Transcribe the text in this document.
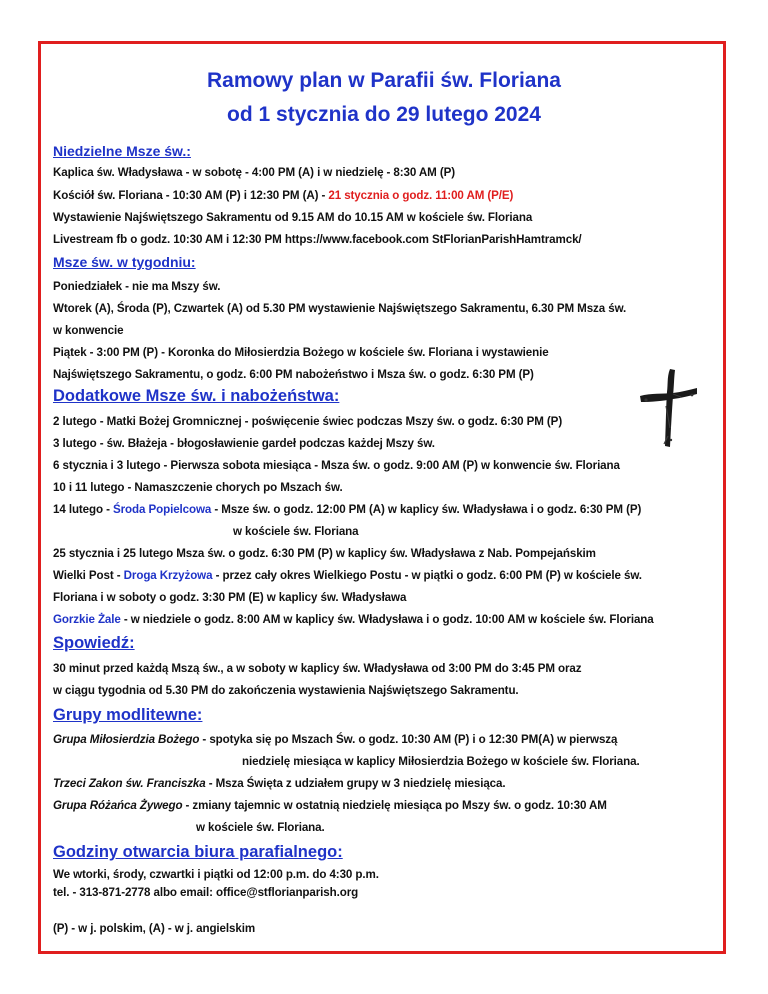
Ramowy plan w Parafii św. Floriana
od 1 stycznia do 29 lutego 2024
Niedzielne Msze św.:
Kaplica św. Władysława - w sobotę - 4:00 PM (A) i w niedzielę - 8:30 AM (P)
Kościół św. Floriana - 10:30 AM (P) i 12:30 PM (A) - 21 stycznia o godz. 11:00 AM (P/E)
Wystawienie Najświętszego Sakramentu od 9.15 AM do 10.15 AM w kościele św. Floriana
Livestream fb o godz. 10:30 AM i 12:30 PM https://www.facebook.com StFlorianParishHamtramck/
Msze św. w tygodniu:
Poniedziałek - nie ma Mszy św.
Wtorek (A), Środa (P), Czwartek (A) od 5.30 PM wystawienie Najświętszego Sakramentu, 6.30 PM Msza św.
w konwencie
Piątek - 3:00 PM (P) - Koronka do Miłosierdzia Bożego w kościele św. Floriana i wystawienie
Najświętszego Sakramentu, o godz. 6:00 PM nabożeństwo i Msza św. o godz. 6:30 PM (P)
Dodatkowe Msze św. i nabożeństwa:
2 lutego - Matki Bożej Gromnicznej - poświęcenie świec podczas Mszy św. o godz. 6:30 PM (P)
3 lutego - św. Błażeja - błogosławienie gardeł podczas każdej Mszy św.
6 stycznia i 3 lutego - Pierwsza sobota miesiąca - Msza św. o godz. 9:00 AM (P) w konwencie św. Floriana
10 i 11 lutego - Namaszczenie chorych po Mszach św.
14 lutego - Środa Popielcowa - Msze św. o godz. 12:00 PM (A) w kaplicy św. Władysława i o godz. 6:30 PM (P)
w kościele św. Floriana
25 stycznia i 25 lutego Msza św. o godz. 6:30 PM (P) w kaplicy św. Władysława z Nab. Pompejańskim
Wielki Post - Droga Krzyżowa - przez cały okres Wielkiego Postu - w piątki o godz. 6:00 PM (P) w kościele św.
Floriana i w soboty o godz. 3:30 PM (E) w kaplicy św. Władysława
Gorzkie Żale - w niedziele o godz. 8:00 AM w kaplicy św. Władysława i o godz. 10:00 AM w kościele św. Floriana
Spowiedź:
30 minut przed każdą Mszą św., a w soboty w kaplicy św. Władysława od 3:00 PM do 3:45 PM oraz
w ciągu tygodnia od 5.30 PM do zakończenia wystawienia Najświętszego Sakramentu.
Grupy modlitewne:
Grupa Miłosierdzia Bożego - spotyka się po Mszach Św. o godz. 10:30 AM (P) i o 12:30 PM(A) w pierwszą
niedzielę miesiąca w kaplicy Miłosierdzia Bożego w kościele św. Floriana.
Trzeci Zakon św. Franciszka - Msza Święta z udziałem grupy w 3 niedzielę miesiąca.
Grupa Różańca Żywego - zmiany tajemnic w ostatnią niedzielę miesiąca po Mszy św. o godz. 10:30 AM
w kościele św. Floriana.
Godziny otwarcia biura parafialnego:
We wtorki, środy, czwartki i piątki od 12:00 p.m. do 4:30 p.m.
tel. - 313-871-2778 albo email: office@stflorianparish.org
(P) - w j. polskim, (A) - w j. angielskim
